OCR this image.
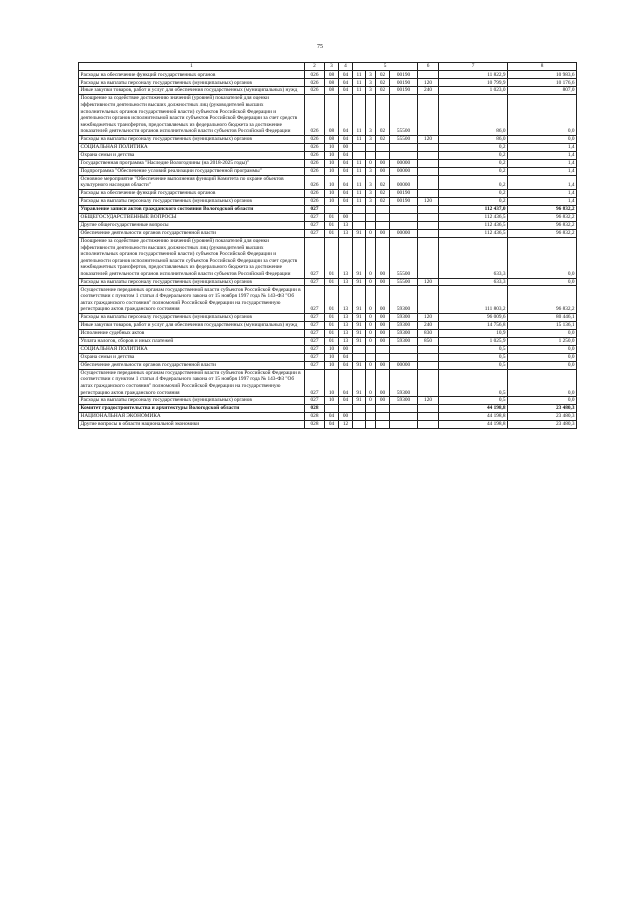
75
1	2	3	4	5				6	7	8
Расходы на обеспечение функций государственных органов	026	08	04	11	3	02	00190		11 822,9	10 983,6
Расходы на выплаты персоналу государственных (муниципальных) органов	026	08	04	11	3	02	00190	120	10 799,9	10 176,6
Иные закупки товаров, работ и услуг для обеспечения государственных (муниципальных) нужд	026	08	04	11	3	02	00190	240	1 023,0	807,0
Поощрение за содействие достижению значений (уровней) показателей для оценки эффективности деятельности высших должностных лиц (руководителей высших исполнительных органов государственной власти) субъектов Российской Федерации и деятельности органов исполнительной власти субъектов Российской Федерации за счет средств межбюджетных трансфертов, предоставляемых из федерального бюджета за достижение показателей деятельности органов исполнительной власти субъектов Российской Федерации	026	08	04	11	3	02	55500		86,0	0,0
Расходы на выплаты персоналу государственных (муниципальных) органов	026	08	04	11	3	02	55500	120	86,0	0,0
СОЦИАЛЬНАЯ ПОЛИТИКА	026	10	00						0,2	1,4
Охрана семьи и детства	026	10	04						0,2	1,4
Государственная программа "Наследие Вологодчины (на 2018-2025 годы)"	026	10	04	11	0	00	00000		0,2	1,4
Подпрограмма "Обеспечение условий реализации государственной программы"	026	10	04	11	3	00	00000		0,2	1,4
Основное мероприятие "Обеспечение выполнения функций Комитета по охране объектов культурного наследия области"	026	10	04	11	3	02	00000		0,2	1,4
Расходы на обеспечение функций государственных органов	026	10	04	11	3	02	00190		0,2	1,4
Расходы на выплаты персоналу государственных (муниципальных) органов	026	10	04	11	3	02	00190	120	0,2	1,4
Управление записи актов гражданского состояния Вологодской области	027								112 437,0	96 832,2
ОБЩЕГОСУДАРСТВЕННЫЕ ВОПРОСЫ	027	01	00						112 436,5	96 832,2
Другие общегосударственные вопросы	027	01	13						112 436,5	96 832,2
Обеспечение деятельности органов государственной власти	027	01	13	91	0	00	00000		112 436,5	96 832,2
Поощрение за содействие достижению значений (уровней) показателей для оценки эффективности деятельности высших должностных лиц (руководителей высших исполнительных органов государственной власти) субъектов Российской Федерации и деятельности органов исполнительной власти субъектов Российской Федерации за счет средств межбюджетных трансфертов, предоставляемых из федерального бюджета за достижение показателей деятельности органов исполнительной власти субъектов Российской Федерации	027	01	13	91	0	00	55500		633,3	0,0
Расходы на выплаты персоналу государственных (муниципальных) органов	027	01	13	91	0	00	55500	120	633,3	0,0
Осуществление переданных органам государственной власти субъектов Российской Федерации в соответствии с пунктом 1 статьи 4 Федерального закона от 15 ноября 1997 года № 143-ФЗ "Об актах гражданского состояния" полномочий Российской Федерации на государственную регистрацию актов гражданского состояния	027	01	13	91	0	00	59300		111 803,2	96 832,2
Расходы на выплаты персоналу государственных (муниципальных) органов	027	01	13	91	0	00	59300	120	96 009,6	80 446,1
Иные закупки товаров, работ и услуг для обеспечения государственных (муниципальных) нужд	027	01	13	91	0	00	59300	240	14 756,8	15 136,1
Исполнение судебных актов	027	01	13	91	0	00	59300	830	10,9	0,0
Уплата налогов, сборов и иных платежей	027	01	13	91	0	00	59300	850	1 025,9	1 250,0
СОЦИАЛЬНАЯ ПОЛИТИКА	027	10	00						0,5	0,0
Охрана семьи и детства	027	10	04						0,5	0,0
Обеспечение деятельности органов государственной власти	027	10	04	91	0	00	00000		0,5	0,0
Осуществление переданных органам государственной власти субъектов Российской Федерации в соответствии с пунктом 1 статьи 4 Федерального закона от 15 ноября 1997 года № 143-ФЗ "Об актах гражданского состояния" полномочий Российской Федерации на государственную регистрацию актов гражданского состояния	027	10	04	91	0	00	59300		0,5	0,0
Расходы на выплаты персоналу государственных (муниципальных) органов	027	10	04	91	0	00	59300	120	0,5	0,0
Комитет градостроительства и архитектуры Вологодской области	028								44 198,8	23 480,3
НАЦИОНАЛЬНАЯ ЭКОНОМИКА	028	04	00						44 198,8	23 480,3
Другие вопросы в области национальной экономики	028	04	12						44 198,8	23 480,3
